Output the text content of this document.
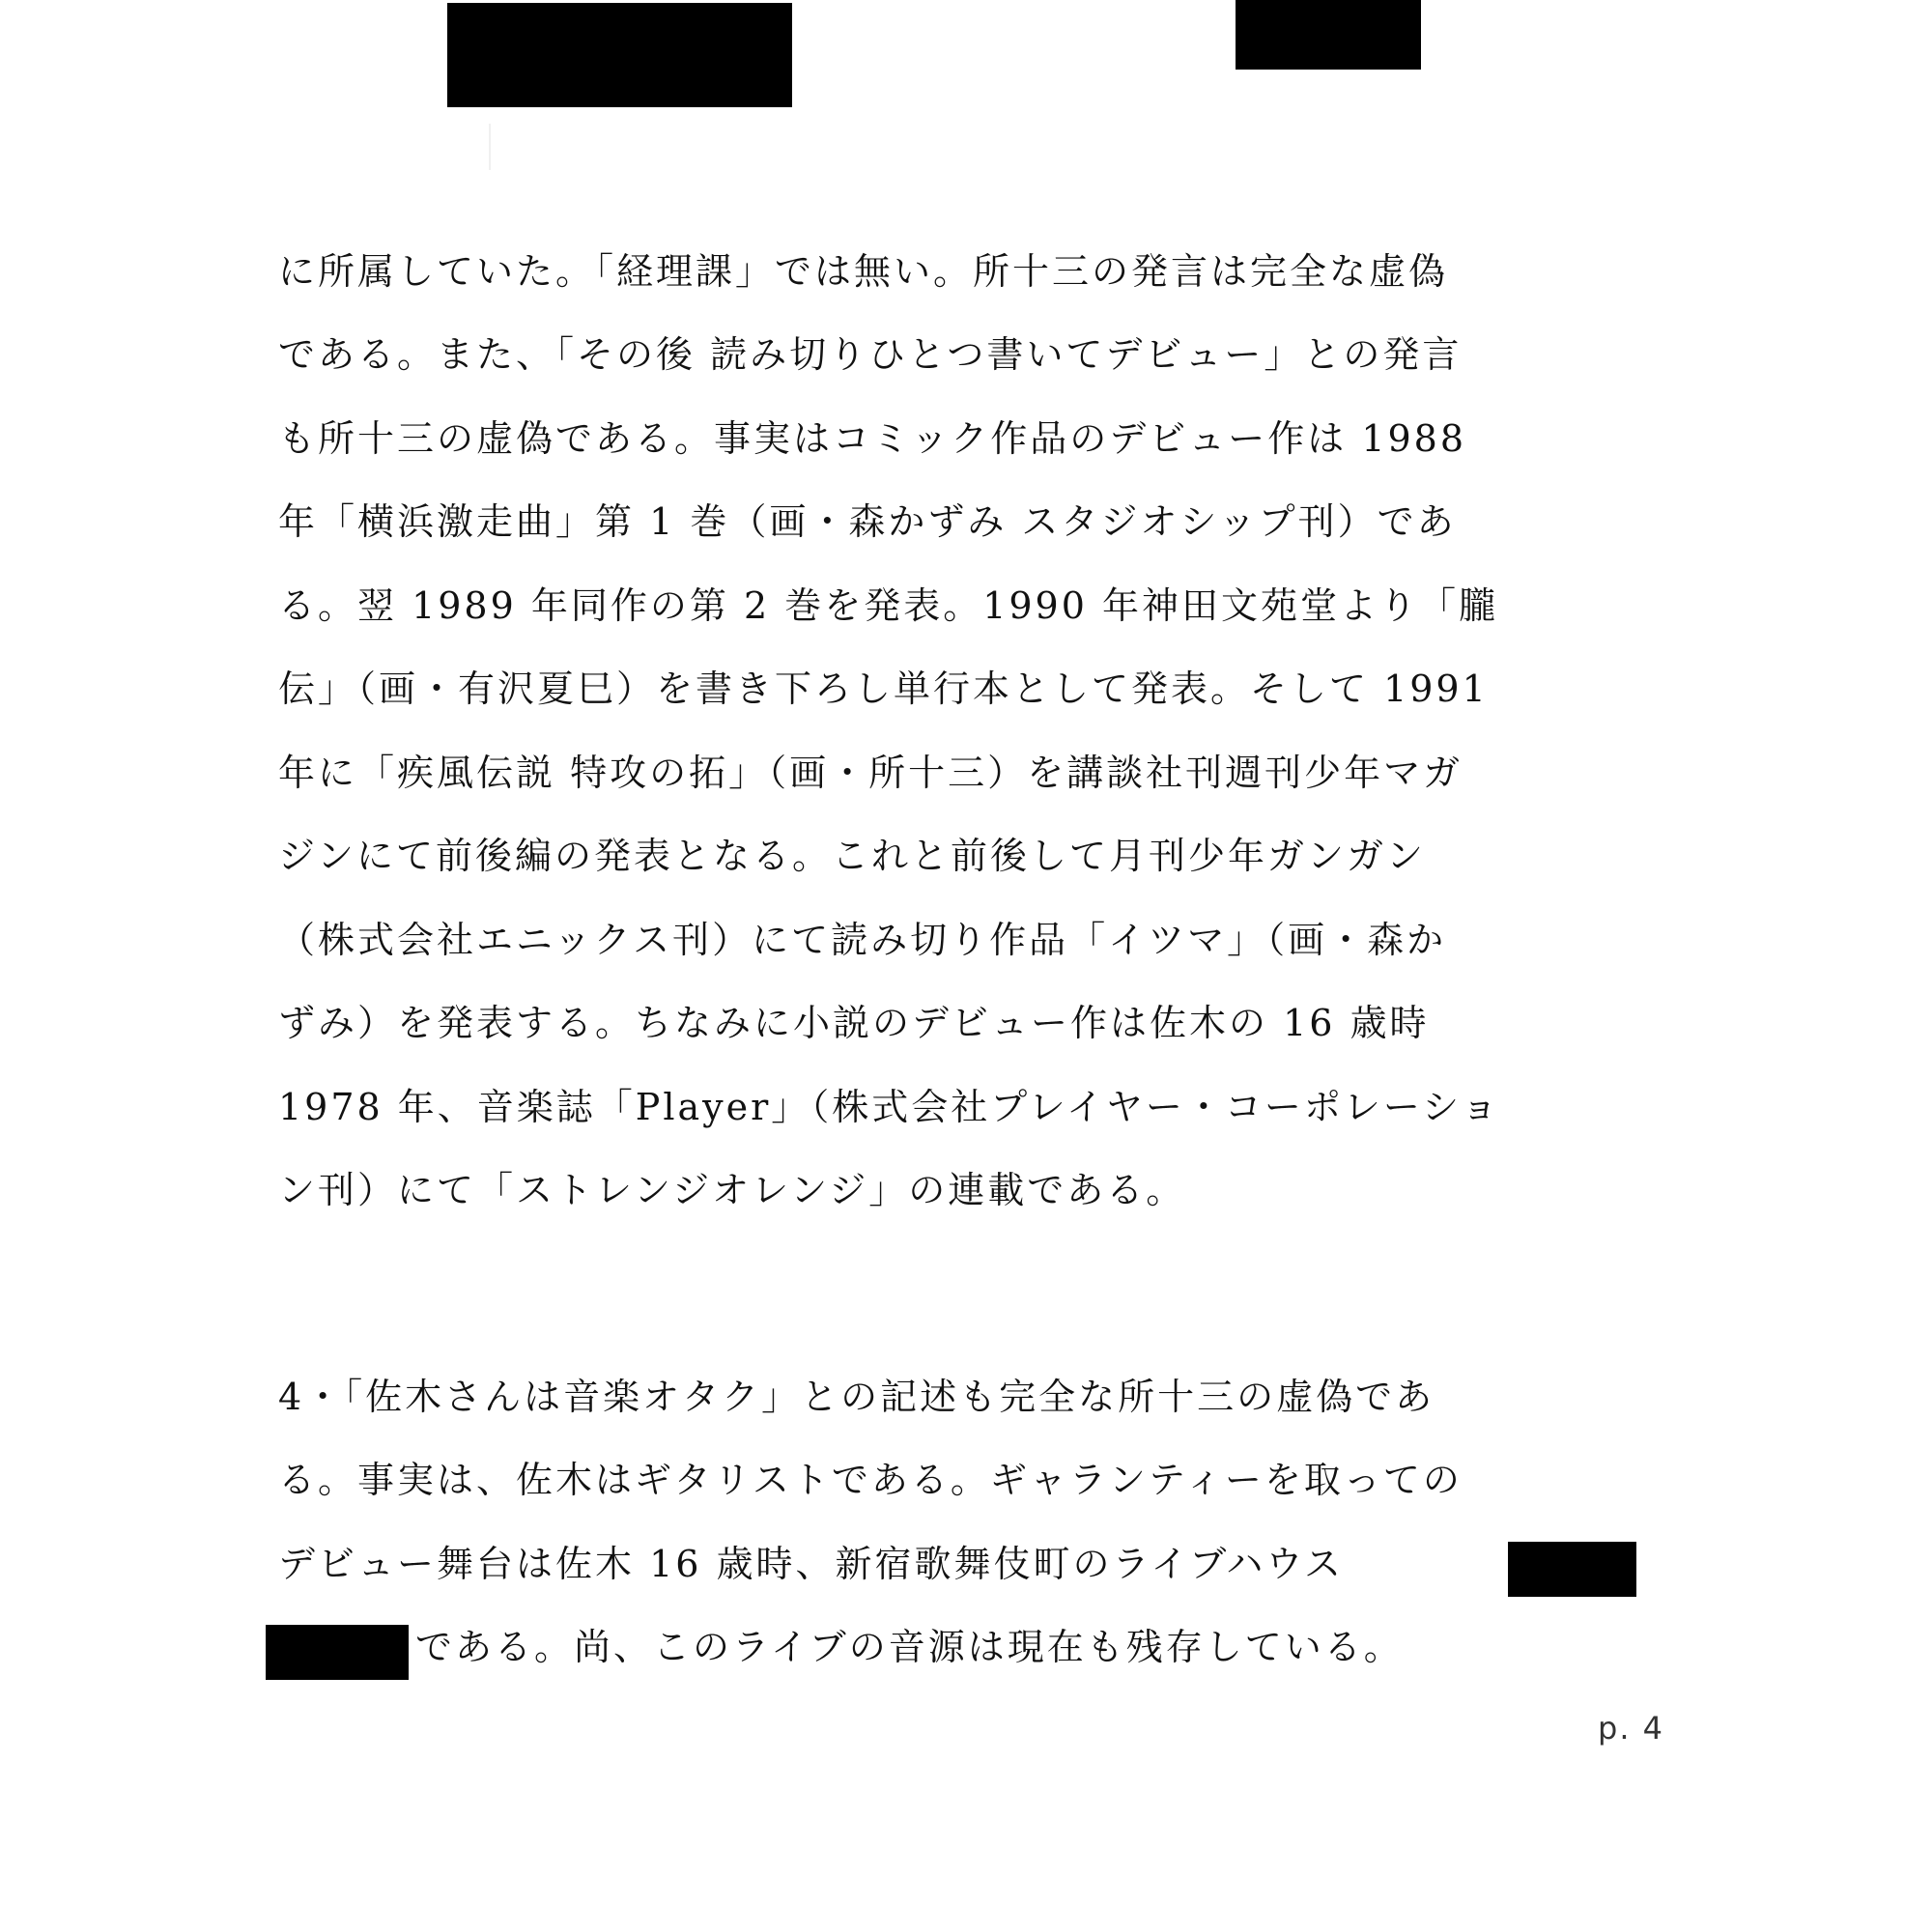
に所属していた。「経理課」では無い。所十三の発言は完全な虚偽
である。また、「その後 読み切りひとつ書いてデビュー」との発言
も所十三の虚偽である。事実はコミック作品のデビュー作は 1988
年「横浜激走曲」第 1 巻（画・森かずみ スタジオシップ刊）であ
る。翌 1989 年同作の第 2 巻を発表。1990 年神田文苑堂より「朧
伝」（画・有沢夏巳）を書き下ろし単行本として発表。そして 1991
年に「疾風伝説 特攻の拓」（画・所十三）を講談社刊週刊少年マガ
ジンにて前後編の発表となる。これと前後して月刊少年ガンガン
（株式会社エニックス刊）にて読み切り作品「イツマ」（画・森か
ずみ）を発表する。ちなみに小説のデビュー作は佐木の 16 歳時
1978 年、音楽誌「Player」（株式会社プレイヤー・コーポレーショ
ン刊）にて「ストレンジオレンジ」の連載である。
4・「佐木さんは音楽オタク」との記述も完全な所十三の虚偽であ
る。事実は、佐木はギタリストである。ギャランティーを取っての
デビュー舞台は佐木 16 歳時、新宿歌舞伎町のライブハウス
である。尚、このライブの音源は現在も残存している。
p. 4
